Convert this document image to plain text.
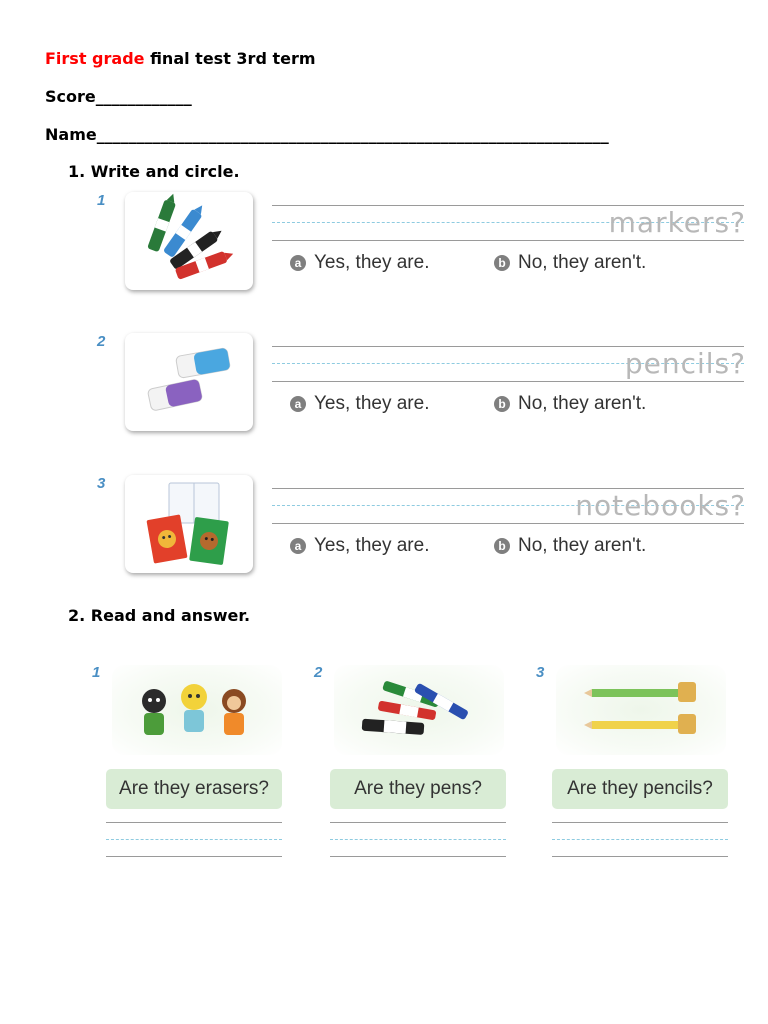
First grade final test 3rd term
Score____________
Name________________________________________________________________
1. Write and circle.
1
markers?
a Yes, they are.	b No, they aren't.
2
pencils?
a Yes, they are.	b No, they aren't.
3
notebooks?
a Yes, they are.	b No, they aren't.
2. Read and answer.
1
Are they erasers?
2
Are they pens?
3
Are they pencils?
